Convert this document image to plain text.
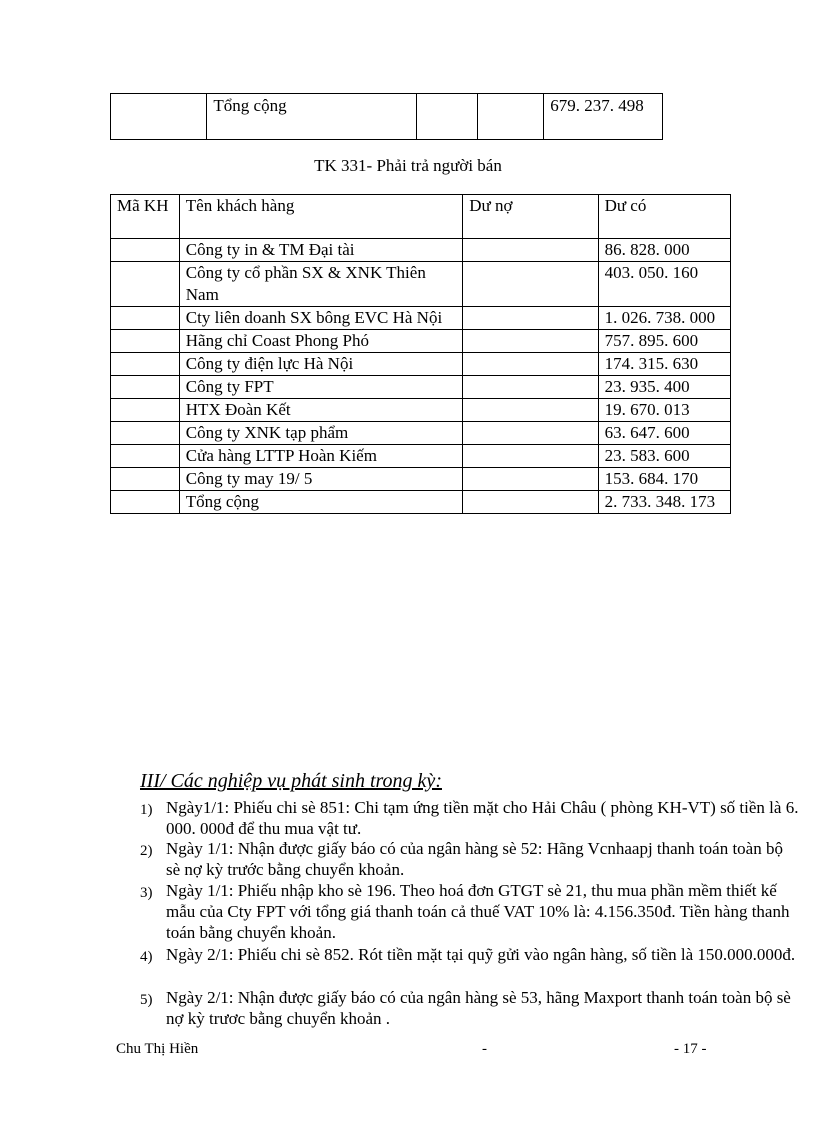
	Tổng cộng			679. 237. 498
TK 331- Phải trả người bán
Mã KH	Tên khách hàng	Dư nợ	Dư có
	Công ty in & TM Đại tài		86. 828. 000
	Công ty cổ phần SX & XNK Thiên Nam		403. 050. 160
	Cty liên doanh SX bông EVC Hà Nội		1. 026. 738. 000
	Hãng chỉ Coast Phong Phó		757. 895. 600
	Công ty điện lực Hà Nội		174. 315. 630
	Công ty FPT		23. 935. 400
	HTX Đoàn Kết		19. 670. 013
	Công ty XNK tạp phẩm		63. 647. 600
	Cửa hàng LTTP Hoàn Kiếm		23. 583. 600
	Công ty may 19/ 5		153. 684. 170
	Tổng cộng		2. 733. 348. 173
III/ Các nghiệp vụ phát sinh trong kỳ:
1) Ngày1/1: Phiếu chi sè 851: Chi tạm ứng tiền mặt cho Hải Châu ( phòng KH-VT) số tiền là 6. 000. 000đ để thu mua vật tư.
2) Ngày 1/1: Nhận được giấy báo có của ngân hàng sè 52: Hãng Vcnhaapj thanh toán toàn bộ sè nợ kỳ trước bằng chuyển khoản.
3) Ngày 1/1: Phiếu nhập kho sè 196. Theo hoá đơn GTGT sè 21, thu mua phần mềm thiết kế mẫu của Cty FPT với tổng giá thanh toán cả thuế VAT 10% là: 4.156.350đ. Tiền hàng thanh toán bằng chuyển khoản.
4) Ngày 2/1: Phiếu chi sè 852. Rót tiền mặt tại quỹ gửi vào ngân hàng, số tiền là 150.000.000đ.
5) Ngày 2/1: Nhận được giấy báo có của ngân hàng sè 53, hãng Maxport thanh toán toàn bộ sè nợ kỳ trươc bằng chuyển khoản .
Chu Thị Hiền	-	- 17 -
